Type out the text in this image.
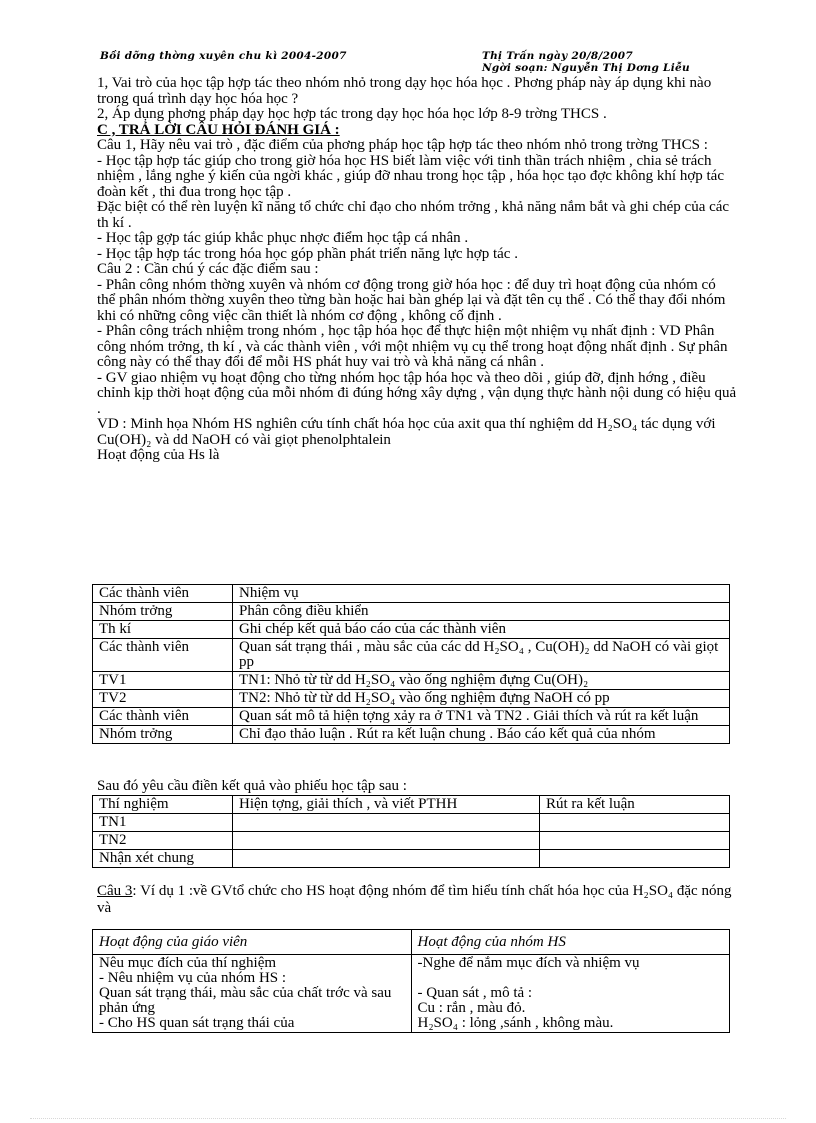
Bồi dỡng thờng xuyên chu kì 2004-2007	Thị Trấn ngày 20/8/2007
Ngời soạn: Nguyễn Thị Dơng Liễu

1, Vai trò của học tập hợp tác theo nhóm nhỏ trong dạy học hóa học . Phơng pháp này áp dụng khi nào trong quá trình dạy học hóa học ?

2, Áp dụng phơng pháp dạy học hợp tác trong dạy học hóa học lớp 8-9 trờng THCS .

C , TRẢ LỜI CÂU HỎI ĐÁNH GIÁ :

Câu 1, Hãy nêu vai trò , đặc điểm của phơng pháp học tập hợp tác theo nhóm nhỏ trong trờng THCS :

- Học tập hợp tác giúp cho trong giờ hóa học HS biết làm việc với tinh thần trách nhiệm , chia sẻ trách nhiệm , lắng nghe ý kiến của ngời khác , giúp đỡ nhau trong học tập , hóa học tạo đợc không khí hợp tác đoàn kết , thi đua trong học tập .

Đặc biệt có thể rèn luyện kĩ năng tổ chức chỉ đạo cho nhóm trởng , khả năng nắm bắt và ghi chép của các th kí .

- Học tập gợp tác giúp khắc phục nhợc điểm học tập cá nhân .

- Học tập hợp tác trong hóa học góp phần phát triển năng lực hợp tác .

Câu 2 : Cần chú ý các đặc điểm sau :

- Phân công nhóm thờng xuyên và nhóm cơ động trong giờ hóa học : để duy trì hoạt động của nhóm có thể phân nhóm thờng xuyên theo từng bàn hoặc hai bàn ghép lại và đặt tên cụ thể . Có thể thay đổi nhóm khi có những công việc cần thiết là nhóm cơ động , không cố định .

- Phân công trách nhiệm trong nhóm , học tập hóa học để thực hiện một nhiệm vụ nhất định : VD Phân công nhóm trởng, th kí , và các thành viên , với một nhiệm vụ cụ thể trong hoạt động nhất định . Sự phân công này có thể thay đổi để mỗi HS phát huy vai trò và khả năng cá nhân .

- GV giao nhiệm vụ hoạt động cho từng nhóm học tập hóa học và theo dõi , giúp đỡ, định hớng , điều chỉnh kịp thời hoạt động của mỗi nhóm đi đúng hớng xây dựng , vận dụng thực hành nội dung có hiệu quả .

VD : Minh họa Nhóm HS nghiên cứu tính chất hóa học của axit qua thí nghiệm dd H₂SO₄ tác dụng với Cu(OH)₂ và dd NaOH có vài giọt phenolphtalein

Hoạt động của Hs là

Các thành viên	Nhiệm vụ
Nhóm trởng	Phân công điều khiển
Th kí	Ghi chép kết quả báo cáo của các thành viên
Các thành viên	Quan sát trạng thái , màu sắc của các dd H₂SO₄ , Cu(OH)₂ dd NaOH có vài giọt pp
TV1	TN1: Nhỏ từ từ dd H₂SO₄ vào ống nghiệm đựng Cu(OH)₂
TV2	TN2: Nhỏ từ từ dd H₂SO₄ vào ống nghiệm đựng NaOH có pp
Các thành viên	Quan sát mô tả hiện tợng xảy ra ở TN1 và TN2 . Giải thích và rút ra kết luận
Nhóm trởng	Chỉ đạo thảo luận . Rút ra kết luận chung . Báo cáo kết quả của nhóm
Sau đó yêu cầu điền kết quả vào phiếu học tập sau :
Thí nghiệm	Hiện tợng, giải thích , và viết PTHH	Rút ra kết luận
TN1		
TN2		
Nhận xét chung		

Câu 3: Ví dụ 1 :về GVtổ chức cho HS hoạt động nhóm để tìm hiểu tính chất hóa học của H₂SO₄ đặc nóng và

Hoạt động của giáo viên	Hoạt động của nhóm HS
Nêu mục đích của thí nghiệm
- Nêu nhiệm vụ của nhóm HS :
Quan sát trạng thái, màu sắc của chất trớc và sau phản ứng
- Cho HS quan sát trạng thái của	-Nghe để nắm mục đích và nhiệm vụ

- Quan sát , mô tả :
Cu : rắn , màu đỏ.
H₂SO₄ : lỏng ,sánh , không màu.
